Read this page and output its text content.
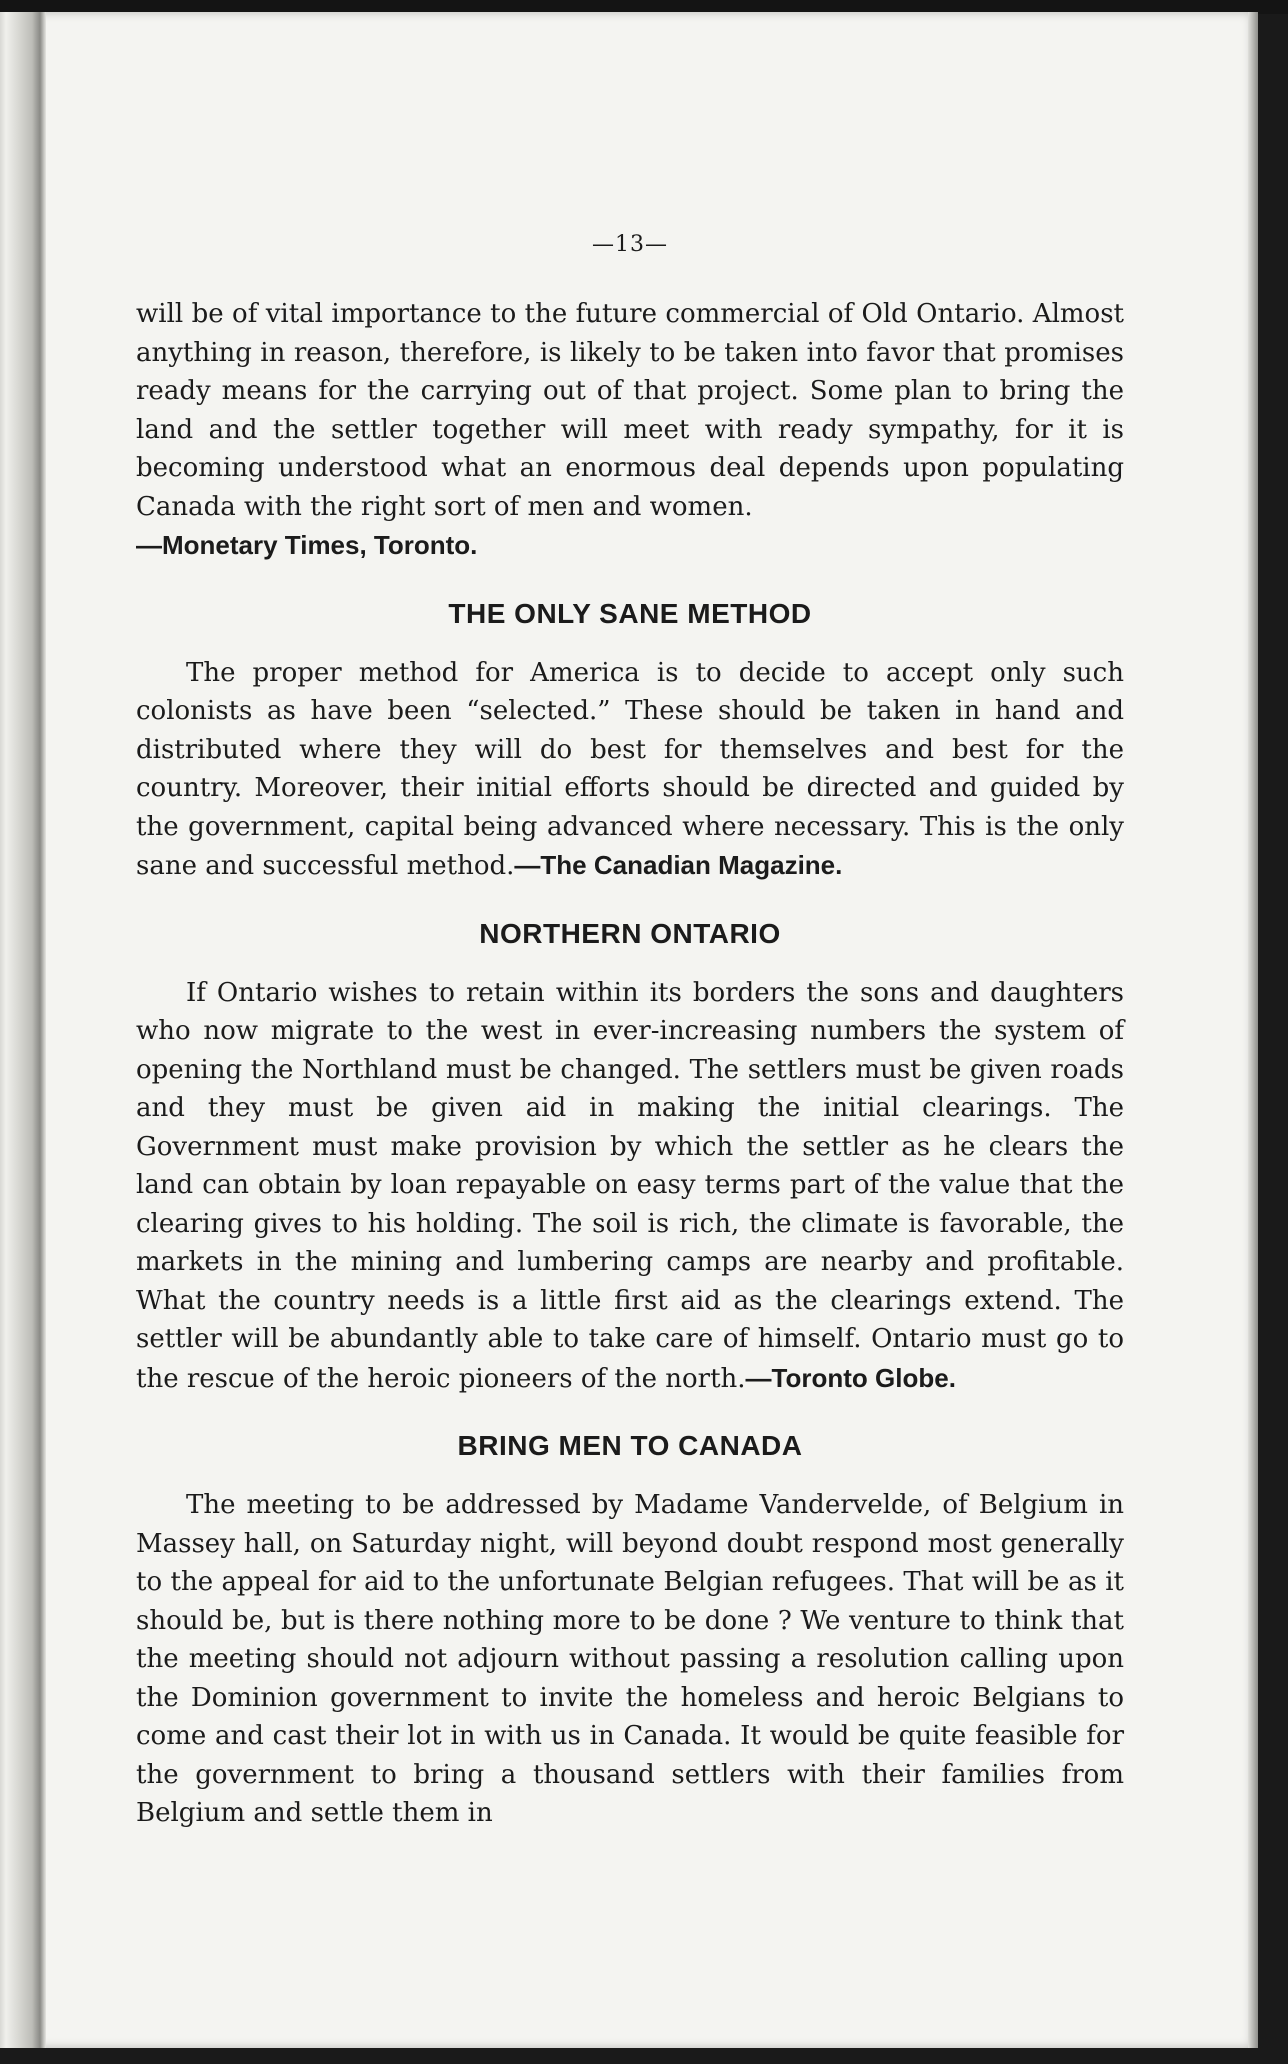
—13—

will be of vital importance to the future commercial of Old Ontario. Almost anything in reason, therefore, is likely to be taken into favor that promises ready means for the carrying out of that project. Some plan to bring the land and the settler together will meet with ready sympathy, for it is becoming understood what an enormous deal depends upon populating Canada with the right sort of men and women.

—Monetary Times, Toronto.

THE ONLY SANE METHOD

The proper method for America is to decide to accept only such colonists as have been “selected.” These should be taken in hand and distributed where they will do best for themselves and best for the country. Moreover, their initial efforts should be directed and guided by the government, capital being advanced where necessary. This is the only sane and successful method.—The Canadian Magazine.

NORTHERN ONTARIO

If Ontario wishes to retain within its borders the sons and daughters who now migrate to the west in ever-increasing numbers the system of opening the Northland must be changed. The settlers must be given roads and they must be given aid in making the initial clearings. The Government must make provision by which the settler as he clears the land can obtain by loan repayable on easy terms part of the value that the clearing gives to his holding. The soil is rich, the climate is favorable, the markets in the mining and lumbering camps are nearby and profitable. What the country needs is a little first aid as the clearings extend. The settler will be abundantly able to take care of himself. Ontario must go to the rescue of the heroic pioneers of the north.—Toronto Globe.

BRING MEN TO CANADA

The meeting to be addressed by Madame Vandervelde, of Belgium in Massey hall, on Saturday night, will beyond doubt respond most generally to the appeal for aid to the unfortunate Belgian refugees. That will be as it should be, but is there nothing more to be done ? We venture to think that the meeting should not adjourn without passing a resolution calling upon the Dominion government to invite the homeless and heroic Belgians to come and cast their lot in with us in Canada. It would be quite feasible for the government to bring a thousand settlers with their families from Belgium and settle them in
